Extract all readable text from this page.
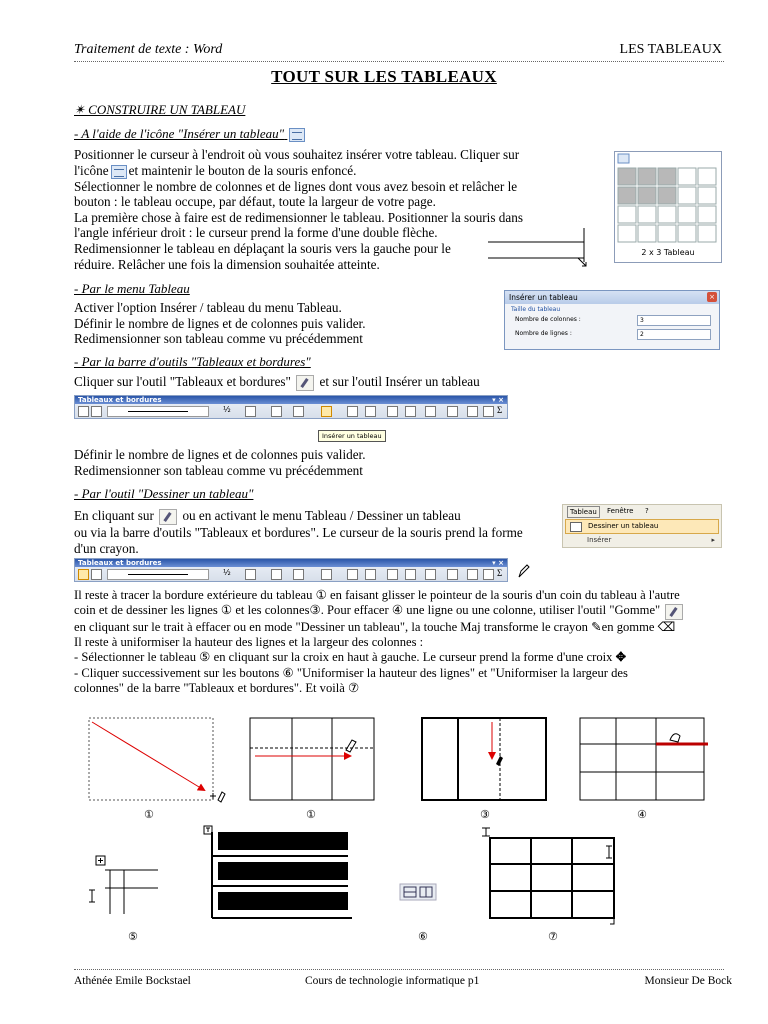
Traitement de texte : Word	LES TABLEAUX
TOUT SUR LES TABLEAUX
✴ CONSTRUIRE UN TABLEAU
- A l'aide de l'icône "Insérer un tableau"
Positionner le curseur à l'endroit où vous souhaitez insérer votre tableau. Cliquer sur
l'icône et maintenir le bouton de la souris enfoncé.
Sélectionner le nombre de colonnes et de lignes dont vous avez besoin et relâcher le
bouton : le tableau occupe, par défaut, toute la largeur de votre page.
La première chose à faire est de redimensionner le tableau. Positionner la souris dans
l'angle inférieur droit : le curseur prend la forme d'une double flèche.
Redimensionner le tableau en déplaçant la souris vers la gauche pour le
réduire. Relâcher une fois la dimension souhaitée atteinte.
2 x 3 Tableau
- Par le menu Tableau
Activer l'option Insérer / tableau du menu Tableau.
Définir le nombre de lignes et de colonnes puis valider.
Redimensionner son tableau comme vu précédemment
Insérer un tableau	×
Taille du tableau
Nombre de colonnes :	3
Nombre de lignes :	2
- Par la barre d'outils "Tableaux et bordures"
Cliquer sur l'outil "Tableaux et bordures" et sur l'outil Insérer un tableau
Tableaux et bordures	▾ ×
½	Σ
Insérer un tableau
Définir le nombre de lignes et de colonnes puis valider.
Redimensionner son tableau comme vu précédemment
- Par l'outil "Dessiner un tableau"
En cliquant sur ou en activant le menu Tableau / Dessiner un tableau
ou via la barre d'outils "Tableaux et bordures". Le curseur de la souris prend la forme
d'un crayon.
Tableau	Fenêtre ?
Dessiner un tableau
Insérer	▸
Tableaux et bordures	▾ ×
½	Σ
Il reste à tracer la bordure extérieure du tableau ① en faisant glisser le pointeur de la souris d'un coin du tableau à l'autre
coin et de dessiner les lignes ① et les colonnes③. Pour effacer ④ une ligne ou une colonne, utiliser l'outil "Gomme"
en cliquant sur le trait à effacer ou en mode "Dessiner un tableau", la touche Maj transforme le crayon ✎en gomme ⌫
Il reste à uniformiser la hauteur des lignes et la largeur des colonnes :
- Sélectionner le tableau ⑤ en cliquant sur la croix en haut à gauche. Le curseur prend la forme d'une croix ✥
- Cliquer successivement sur les boutons ⑥ "Uniformiser la hauteur des lignes" et "Uniformiser la largeur des
colonnes" de la barre "Tableaux et bordures". Et voilà ⑦
①	①	③	④
⑤	⑥	⑦
Athénée Emile Bockstael	Cours de technologie informatique p1	Monsieur De Bock
